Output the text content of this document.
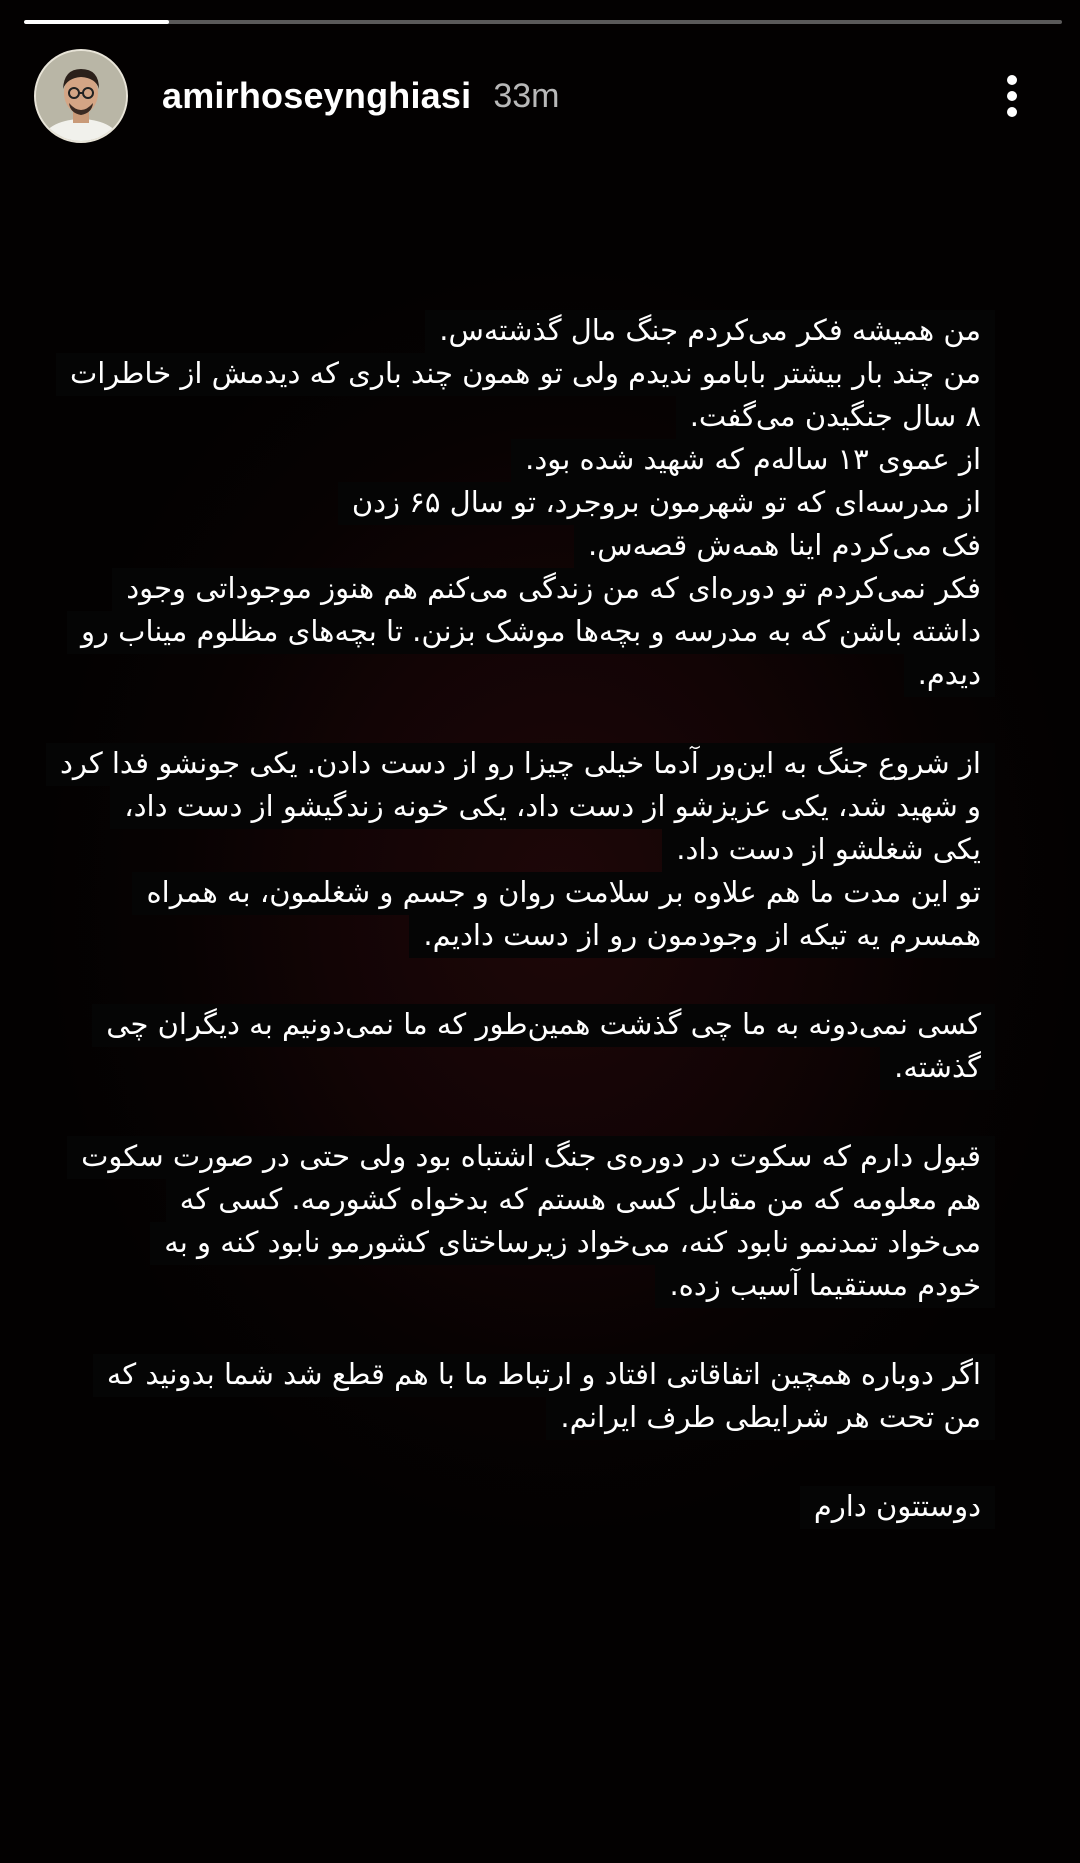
amirhoseynghiasi 33m
من همیشه فکر می‌کردم جنگ مال گذشته‌س.
من چند بار بیشتر بابامو ندیدم ولی تو همون چند باری که دیدمش از خاطرات
۸ سال جنگیدن می‌گفت.
از عموی ۱۳ ساله‌م که شهید شده بود.
از مدرسه‌ای که تو شهرمون بروجرد، تو سال ۶۵ زدن
فک می‌کردم اینا همه‌ش قصه‌س.
فکر نمی‌کردم تو دوره‌ای که من زندگی می‌کنم هم هنوز موجوداتی وجود
داشته باشن که به مدرسه و بچه‌ها موشک بزنن. تا بچه‌های مظلوم میناب رو
دیدم.
از شروع جنگ به این‌ور آدما خیلی چیزا رو از دست دادن. یکی جونشو فدا کرد
و شهید شد، یکی عزیزشو از دست داد، یکی خونه زندگیشو از دست داد،
یکی شغلشو از دست داد.
تو این مدت ما هم علاوه بر سلامت روان و جسم و شغلمون، به همراه
همسرم یه تیکه از وجودمون رو از دست دادیم.
کسی نمی‌دونه به ما چی گذشت همین‌طور که ما نمی‌دونیم به دیگران چی
گذشته.
قبول دارم که سکوت در دوره‌ی جنگ اشتباه بود ولی حتی در صورت سکوت
هم معلومه که من مقابل کسی هستم که بدخواه کشورمه. کسی که
می‌خواد تمدنمو نابود کنه، می‌خواد زیرساختای کشورمو نابود کنه و به
خودم مستقیما آسیب زده.
اگر دوباره همچین اتفاقاتی افتاد و ارتباط ما با هم قطع شد شما بدونید که
من تحت هر شرایطی طرف ایرانم.
دوستتون دارم
